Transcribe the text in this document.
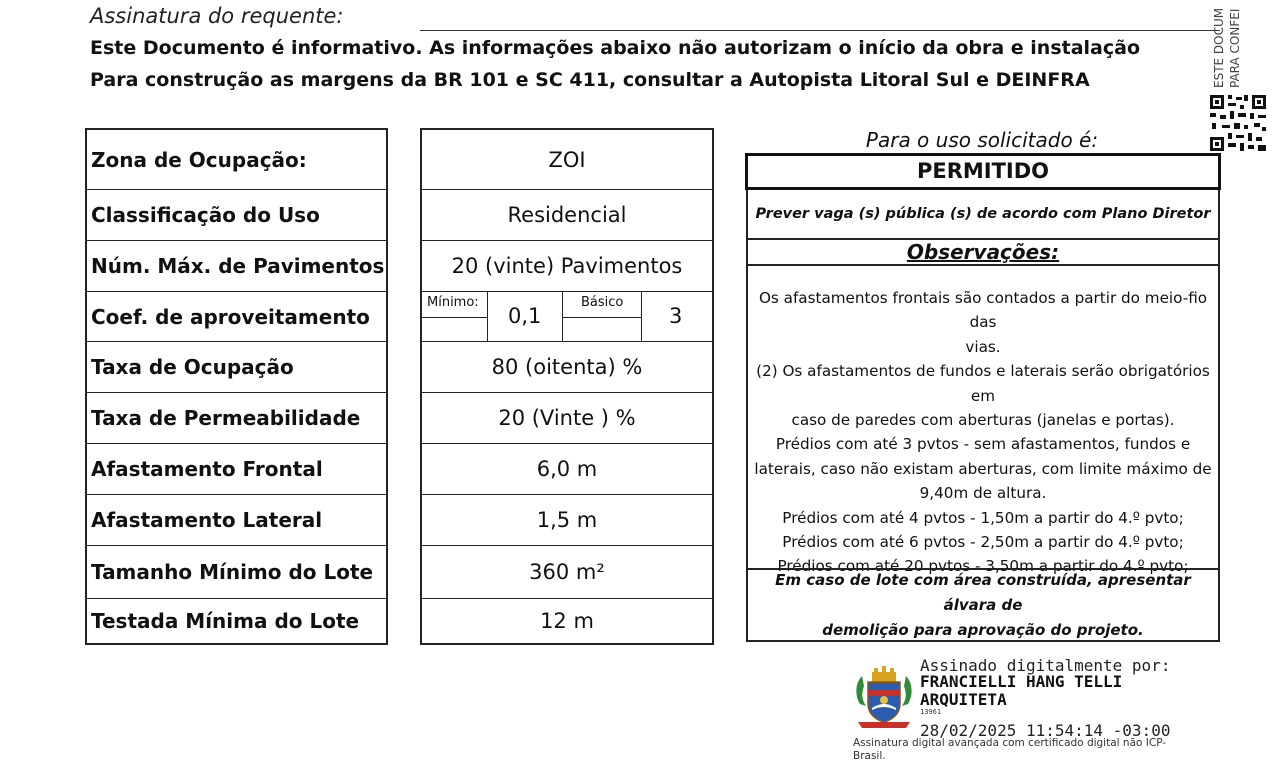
Assinatura do requente:
Este Documento é informativo. As informações abaixo não autorizam o início da obra e instalação
Para construção as margens da BR 101 e SC 411, consultar a Autopista Litoral Sul e DEINFRA	ESTE DOCUM PARA CONFEI
Zona de Ocupação:
Classificação do Uso
Núm. Máx. de Pavimentos
Coef. de aproveitamento
Taxa de Ocupação
Taxa de Permeabilidade
Afastamento Frontal
Afastamento Lateral
Tamanho Mínimo do Lote
Testada Mínima do Lote
ZOI
Residencial
20 (vinte) Pavimentos
Mínimo:
0,1
Básico
3
80 (oitenta) %
20 (Vinte ) %
6,0 m
1,5 m
360 m²
12 m
Para o uso solicitado é:
PERMITIDO
Prever vaga (s) pública (s) de acordo com Plano Diretor
Observações:
Os afastamentos frontais são contados a partir do meio-fio das
vias.
(2) Os afastamentos de fundos e laterais serão obrigatórios em
caso de paredes com aberturas (janelas e portas).
Prédios com até 3 pvtos - sem afastamentos, fundos e
laterais, caso não existam aberturas, com limite máximo de
9,40m de altura.
Prédios com até 4 pvtos - 1,50m a partir do 4.º pvto;
Prédios com até 6 pvtos - 2,50m a partir do 4.º pvto;
Prédios com até 20 pvtos - 3,50m a partir do 4.º pvto;
Em caso de lote com área construída, apresentar álvara de
demolição para aprovação do projeto.
Assinado digitalmente por:
FRANCIELLI HANG TELLI
ARQUITETA
13961
28/02/2025 11:54:14 -03:00
Assinatura digital avançada com certificado digital não ICP-
Brasil.
